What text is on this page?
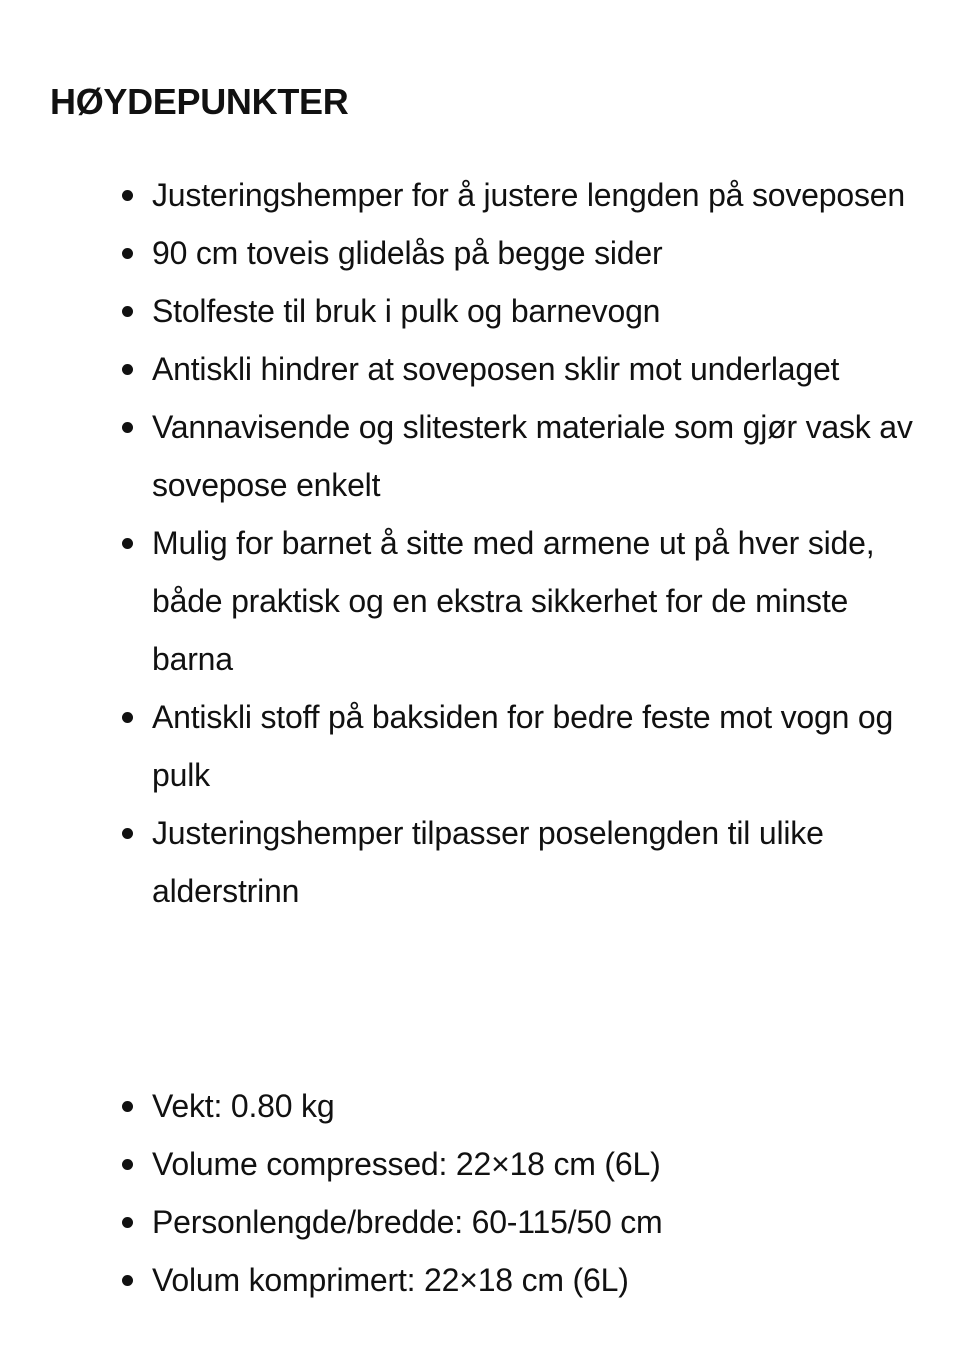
HØYDEPUNKTER
Justeringshemper for å justere lengden på soveposen
90 cm toveis glidelås på begge sider
Stolfeste til bruk i pulk og barnevogn
Antiskli hindrer at soveposen sklir mot underlaget
Vannavisende og slitesterk materiale som gjør vask av sovepose enkelt
Mulig for barnet å sitte med armene ut på hver side, både praktisk og en ekstra sikkerhet for de minste barna
Antiskli stoff på baksiden for bedre feste mot vogn og pulk
Justeringshemper tilpasser poselengden til ulike alderstrinn
Vekt: 0.80 kg
Volume compressed: 22×18 cm (6L)
Personlengde/bredde: 60-115/50 cm
Volum komprimert: 22×18 cm (6L)
